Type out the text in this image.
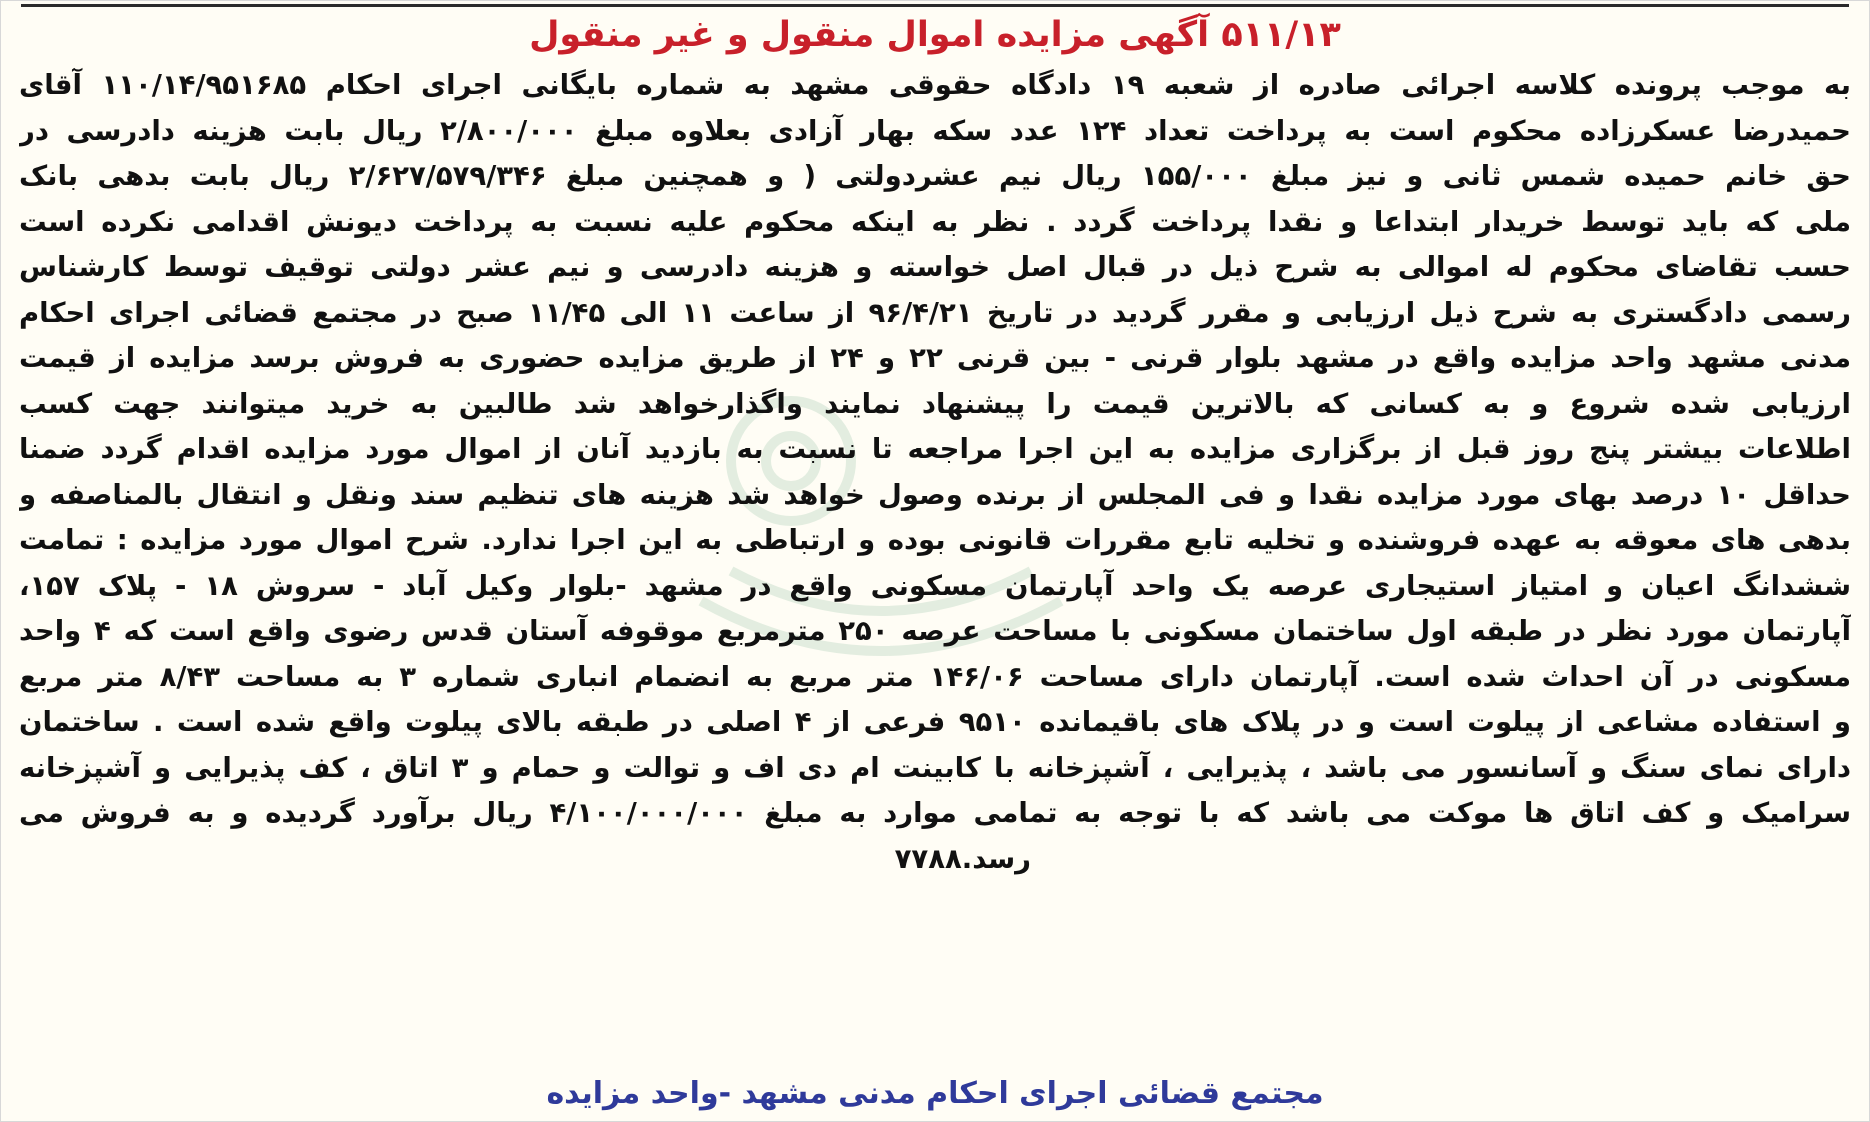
۵۱۱/۱۳ آگهی مزایده اموال منقول و غیر منقول
به موجب پرونده کلاسه اجرائی صادره از شعبه ۱۹ دادگاه حقوقی مشهد به شماره بایگانی اجرای احکام ۱۱۰/۱۴/۹۵۱۶۸۵ آقای
حمیدرضا عسکرزاده محکوم است به پرداخت تعداد ۱۲۴ عدد سکه بهار آزادی بعلاوه مبلغ ۲/۸۰۰/۰۰۰ ریال بابت هزینه دادرسی در
حق خانم حمیده شمس ثانی و نیز مبلغ ۱۵۵/۰۰۰ ریال نیم عشردولتی ( و همچنین مبلغ ۲/۶۲۷/۵۷۹/۳۴۶ ریال بابت بدهی بانک
ملی که باید توسط خریدار ابتداعا و نقدا پرداخت گردد . نظر به اینکه محکوم علیه نسبت به پرداخت دیونش اقدامی نکرده است
حسب تقاضای محکوم له اموالی به شرح ذیل در قبال اصل خواسته و هزینه دادرسی و نیم عشر دولتی توقیف توسط کارشناس
رسمی دادگستری به شرح ذیل ارزیابی و مقرر گردید در تاریخ ۹۶/۴/۲۱ از ساعت ۱۱ الی ۱۱/۴۵ صبح در مجتمع قضائی اجرای احکام
مدنی مشهد واحد مزایده واقع در مشهد بلوار قرنی - بین قرنی ۲۲ و ۲۴ از طریق مزایده حضوری به فروش برسد مزایده از قیمت
ارزیابی شده شروع و به کسانی که بالاترین قیمت را پیشنهاد نمایند واگذارخواهد شد طالبین به خرید میتوانند جهت کسب
اطلاعات بیشتر پنج روز قبل از برگزاری مزایده به این اجرا مراجعه تا نسبت به بازدید آنان از اموال مورد مزایده اقدام گردد ضمنا
حداقل ۱۰ درصد بهای مورد مزایده نقدا و فی المجلس از برنده وصول خواهد شد هزینه های تنظیم سند ونقل و انتقال بالمناصفه و
بدهی های معوقه به عهده فروشنده و تخلیه تابع مقررات قانونی بوده و ارتباطی به این اجرا ندارد. شرح اموال مورد مزایده : تمامت
ششدانگ اعیان و امتیاز استیجاری عرصه یک واحد آپارتمان مسکونی واقع در مشهد -بلوار وکیل آباد - سروش ۱۸ - پلاک ۱۵۷،
آپارتمان مورد نظر در طبقه اول ساختمان مسکونی با مساحت عرصه ۲۵۰ مترمربع موقوفه آستان قدس رضوی واقع است که ۴ واحد
مسکونی در آن احداث شده است. آپارتمان دارای مساحت ۱۴۶/۰۶ متر مربع به انضمام انباری شماره ۳ به مساحت ۸/۴۳ متر مربع
و استفاده مشاعی از پیلوت است و در پلاک های باقیمانده ۹۵۱۰ فرعی از ۴ اصلی در طبقه بالای پیلوت واقع شده است . ساختمان
دارای نمای سنگ و آسانسور می باشد ، پذیرایی ، آشپزخانه با کابینت ام دی اف و توالت و حمام و ۳ اتاق ، کف پذیرایی و آشپزخانه
سرامیک و کف اتاق ها موکت می باشد که با توجه به تمامی موارد به مبلغ ۴/۱۰۰/۰۰۰/۰۰۰ ریال برآورد گردیده و به فروش می
رسد.۷۷۸۸
مجتمع قضائی اجرای احکام مدنی مشهد -واحد مزایده
